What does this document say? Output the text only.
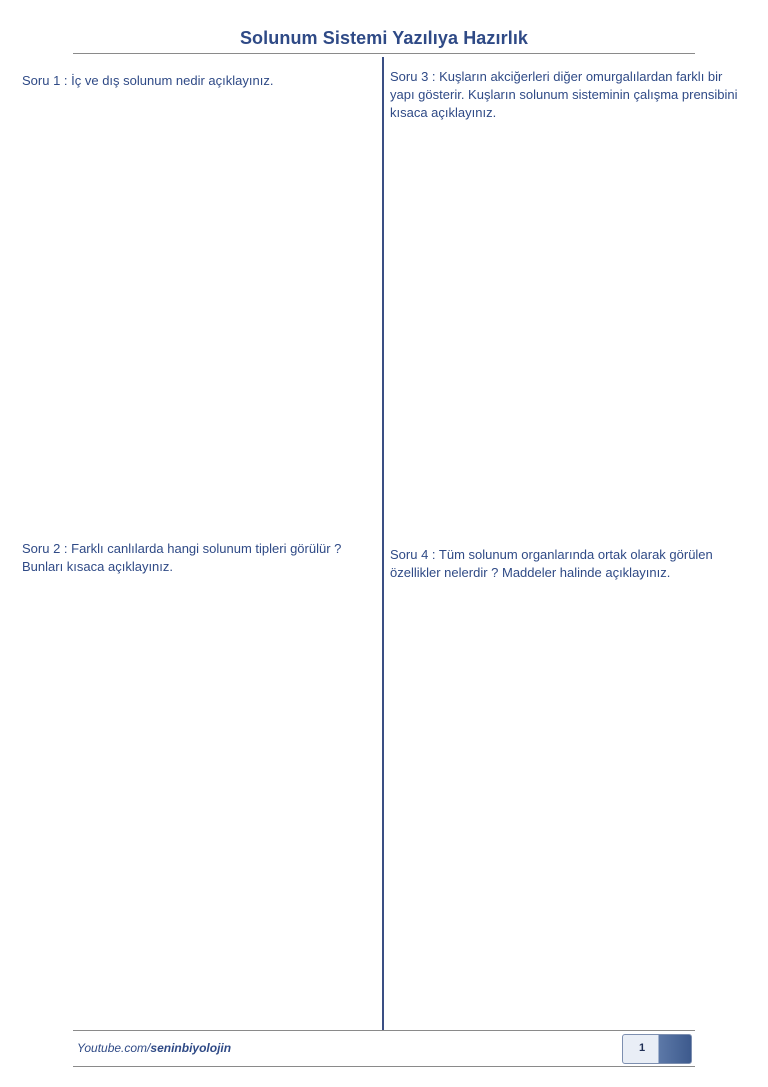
Solunum Sistemi Yazılıya Hazırlık

Soru 1 : İç ve dış solunum nedir açıklayınız.	Soru 3 : Kuşların akciğerleri diğer omurgalılardan farklı bir yapı gösterir. Kuşların solunum sisteminin çalışma prensibini kısaca açıklayınız.

Soru 2 : Farklı canlılarda hangi solunum tipleri görülür ? Bunları kısaca açıklayınız.

Soru 4 : Tüm solunum organlarında ortak olarak görülen özellikler nelerdir ? Maddeler halinde açıklayınız.

Youtube.com/seninbiyolojin	1
